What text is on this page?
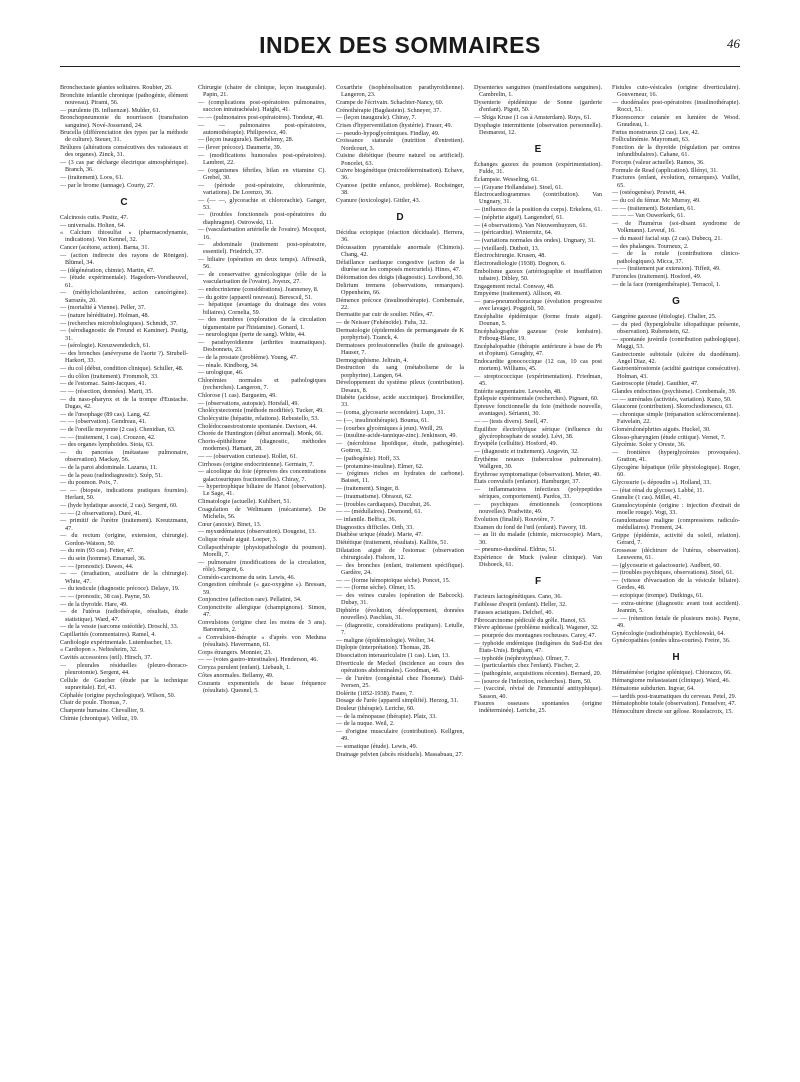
INDEX DES SOMMAIRES	46
Bronchectasie géantes solitaires. Roubier, 26.
Bronchite infantile chronique (pathogénie, élément nouveau). Pirami, 56.
— purulente (B. influenzæ). Mulder, 61.
Bronchopneumonie du nourrisson (transfusion sanguine). Nové-Josserand, 24.
Brucella (différenciation des types par la méthode de culture). Steuer, 31.
Brûlures (altérations consécutives des vaisseaux et des organes). Zinck, 31.
— (3 cas par décharge électrique atmosphérique). Branch, 36.
— (traitement). Loos, 61.
— par le brome (tannage). Courty, 27.
C
Calcinosis cutis. Pusitz, 47.
— universalis. Holten, 64.
« Calcium thiosulfat » (pharmacodynamie, indications). Von Kennel, 32.
Cancer (acétone, action). Barna, 31.
— (action indirecte des rayons de Röntgen). Blümel, 34.
— (dégénération, chimie). Martin, 47.
— (étude expérimentale). Hagedorn-Vorstheuvel, 61.
— (méthylcholanthrène, action cancérigène). Sarrazès, 20.
— (mortalité à Vienne). Peller, 37.
— (nature héréditaire). Holman, 48.
— (recherches microbiologiques). Schmidt, 37.
— (sérodiagnostic de Freund et Kaminer). Pustig, 31.
— (sérologie). Kreuzwendedich, 61.
— des bronches (anévrysme de l'aorte ?). Strubell-Harkort, 33.
— du col (début, condition clinique). Schiller, 48.
— du côlon (traitement). Frommolt, 33.
— de l'estomac. Saint-Jacques, 41.
— — (résection, données). Marti, 35.
— du naso-pharynx et de la trompe d'Eustache. Dugas, 42.
— de l'œsophage (89 cas). Lang, 42.
— — (observation). Gendreau, 41.
— de l'oreille moyenne (2 cas). Chenidian, 63.
— — (traitement, 1 cas). Crouzon, 42.
— des organes lymphoïdes. Stoia, 63.
— du pancréas (métastase pulmonaire, observation). Mackay, 56.
— de la paroi abdominale. Lazarus, 11.
— de la peau (radiodiagnostic). Szép, 51.
— du poumon. Poix, 7.
— — (biopsie, indications pratiques fournies). Herlant, 50.
— (hyde hydatique associé, 2 cas). Sergent, 60.
— — (2 observations). Duré, 41.
— primitif de l'urètre (traitement). Kreutzmann, 47.
— du rectum (origine, extension, chirurgie). Gordon-Watson, 50.
— du rein (93 cas). Fetter, 47.
— du sein (homme). Emanuel, 36.
— — (pronostic). Dawes, 44.
— — (irradiation, auxiliaire de la chirurgie). White, 47.
— du testicule (diagnostic précoce). Delaye, 19.
— — (pronostic, 38 cas). Payne, 50.
— de la thyroïde. Hare, 49.
— de l'utérus (radiothérapie, résultats, étude statistique). Ward, 47.
— de la vessie (sarcome ostéoïde). Droschl, 33.
Capillarités (commentaires). Ramel, 4.
Cardiologie expérimentale. Lutembacher, 13.
« Cardiopon ». Neltesheim, 32.
Cavités accessoires (œil). Hirsch, 37.
— pleurales résiduelles (pleuro-thoraco-pleurotomie). Sergent, 44.
Cellule de Gaucher (étude par la technique supravitale). Erf, 43.
Céphalée (origine psychologique). Wilson, 50.
Chair de poule. Thomas, 7.
Charpente humaine. Chevallier, 9.
Chimie (chronique). Velluz, 19.
Chirurgie (chaire de clinique, leçon inaugurale). Papin, 21.
— (complications post-opératoires pulmonaires, succion intratrachéale). Haight, 41.
— — (pulmonaires post-opératoires). Tondeur, 40.
— — pulmonaires post-opératoires, automothérapie). Philipowicz, 40.
— (leçon inaugurale). Barthélemy, 28.
— (lever précoce). Daumerie, 39.
— (modifications humorales post-opératoires). Lambret, 22.
— (organismes fébriles, bilan en vitamine C). Grebel, 30.
— (période post-opératoire, chlorurémie, variations). De Lorenzo, 36.
— (— —, glycorachie et chlororachie). Ganger, 53.
— (troubles fonctionnels post-opératoires du diaphragme). Ostrowski, 11.
— (vascularisation artérielle de l'ovaire). Mocquot, 16.
— abdominale (traitement post-opératoire, essentiel). Friedrich, 37.
— biliaire (opération en deux temps). Affreszik, 56.
— de conservative gynécologique (rôle de la vascularisation de l'ovaire). Joyeux, 27.
— endocrinienne (considérations). Jeanneney, 8.
— du goitre (appareil nouveau). Berescsil, 51.
— hépatique (avantage du drainage des voies biliaires). Cornelia, 59.
— des membres (exploration de la circulation tégumentaire par l'histamine). Gonard, 1.
— neurologique (perte de sang). White, 44.
— parathyroïdienne (arthrites traumatiques). Desbonnets, 23.
— de la prostate (problème). Young, 47.
— rénale. Kindborg, 34.
— urologique, 46.
Chlorémies normales et pathologiques (recherches). Langeron, 7.
Chlorose (1 cas). Bargueim, 49.
— (observations, autopsie). Horsfall, 49.
Cholécystectomie (méthode modifiée). Tucker, 49.
Cholécystite (hépatite, relations). Rebustello, 53.
Cholédocoaestrostomie spontanée. Davison, 44.
Chorée de Huntington (début anormal). Monk, 66.
Chorio-épithéliome (diagnostic, méthodes modernes). Hamant, 28.
— — (observation curieuse). Rollet, 61.
Cirrhoses (origine endocrinienne). Germain, 7.
— alcoolique du foie (épreuves des concentrations galactosuriques fractionnelles). Chiray, 7.
— hypertrophique biliaire de Hanot (observation). Le Sage, 41.
Climatologie (actuelle). Kuhlbert, 51.
Coagulation de Weltmann (mécanisme). De Michelis, 56.
Cœur (anoxie). Binet, 13.
— myxœdémateux (observation). Dougeist, 13.
Colique rénale aiguë. Loeper, 3.
Collapsothérapie (physiopathologie du poumon). Morelli, 7.
— pulmonaire (modifications de la circulation, rôle). Sergent, 6.
Comédo-carcinome du sein. Lewis, 46.
Congestion cérébrale (« gaz-oxygène »). Bressan, 59.
Conjonctive (affection rare). Pellatini, 34.
Conjonctivite allergique (champignons). Simon, 47.
Convulsions (origine chez les moins de 3 ans). Baronneix, 2.
« Convulsion-thérapie » d'après von Meduna (résultats). Havermann, 61.
Corps étrangers. Monnier, 23.
— — (voies gastro-intestinales). Henderson, 46.
Coryza purulent (enfant). Liebault, 1.
Côtes anormales. Bellamy, 49.
Courants exponentiels de basse fréquence (résultats). Quesnel, 5.
Coxarthrie (isophénolisation parathyroïdienne). Langeron, 23.
Crampe de l'écrivain. Schachter-Nancy, 60.
Crénothérapie (Bagdastein). Schneyer, 37.
— (leçon inaugurale). Chiray, 7.
Crises d'hyperventilation (hystérie). Fraser, 49.
— pseudo-hypoglycémiques. Findlay, 49.
Croissance staturale (nutrition d'entretien). Nordcourt, 3.
Cuisine diététique (beurre naturel ou artificiel). Poncelet, 63.
Cuivre biogénétique (microdétermination). Echave, 36.
Cyanose (petite enfance, problème). Rochsinger, 38.
Cyanure (toxicologie). Gittler, 43.
D
Décidua ectopique (réaction déciduale). Herrera, 36.
Décussation pyramidale anormale (Chimois). Chang, 42.
Défaillance cardiaque congestive (action de la diurèse sur les composés mercuriels). Hines, 47.
Déformation des doigts (diagnostic). Lovibond, 30.
Delirium tremens (observations, remarques). Oppenheim, 66.
Démence précoce (insulinothérapie). Combemale, 22.
Dermatite par cuir de soulier. Niles, 47.
— de Neisser (Fehénoïde). Fuhs, 32.
Dermatologie (épidermides de permanganate de K porphyrisé). Tzanck, 4.
Dermatoses professionnelles (huile de graissage). Hauser, 7.
Dermographisme. Jeltrain, 4.
Destruction du sang (métabolisme de la porphyrine). Langen, 64.
Développement du système pileux (contribution). Desaux, 8.
Diabète (acidose, acide succinique). Brockmüller, 33.
— (coma, glycosurie secondaire). Lupo, 31.
— (—, insulinothérapie). Bouma, 61.
— (courbes glycémiques à jeun). Weill, 29.
— (insuline-acide-tannique-zinc). Jenkinson, 49.
— (nécrobiose lipoïdique, étude, pathogénie). Gottron, 32.
— (pathogénie). Hoff, 33.
— (protamine-insuline). Elmer, 62.
— (régimes riches en hydrates de carbone). Baisset, 11.
— (traitement). Singer, 8.
— (traumatisme). Obraoui, 62.
— (troubles cardiaques). Ducuhut, 26.
— — (médullaires). Desmond, 61.
— infantile. Belfica, 36.
Diagnostics difficiles. Orth, 33.
Diathèse urique (étude). Marie, 47.
Diététique (traitement, résultats). Kalliös, 51.
Dilatation aiguë de l'estomac (observation chirurgicale). Fishorn, 12.
— des bronches (enfant, traitement spécifique). Gardère, 24.
— — (forme hémoptoïque sèche). Poncet, 15.
— — (forme sèche). Olmer, 15.
— des veines curales (opération de Babcock). Dubay, 31.
Diphtérie (évolution, développement, données nouvelles). Paschlau, 31.
— (diagnostic, considérations pratiques). Letulle, 7.
— maligne (épidémiologie). Wolter, 34.
Diplopie (interprétation). Thomas, 28.
Dissociation interauriculaire (1 cas). Lian, 13.
Diverticule de Meckel (incidence au cours des opérations abdominales). Goodman, 46.
— de l'urètre (congénital chez l'homme). Dahl-Iversen, 25.
Dolérite (1852-1938). Faure, 7.
Dosage de l'urée (appareil simplifié). Herzog, 31.
Douleur (thérapie). Leriche, 60.
— de la ménopause (thérapie). Platz, 33.
— de la nuque. Weil, 2.
— d'origine musculaire (contribution). Kellgren, 49.
— somatique (étude). Lewis, 49.
Drainage pelvien (abcès résiduels). Massabuau, 27.
Dysenteries sanguines (manifestations sanguines). Cambrelin, 1.
Dysenterie épidémique de Sonne (garderie d'enfant). Pigott, 50.
— Shiga Kruse (1 cas à Amsterdam). Ruys, 61.
Dysphagie intermittente (observation personnelle). Desmarest, 12.
E
Échanges gazeux du poumon (expérimentation). Fulde, 31.
Éclampsie. Wesseling, 61.
— (Guyane Hollandaise). Stoel, 61.
Électrocardiogrammes (contribution). Van Ungnary, 31.
— (influence de la position du corps). Erkelens, 61.
— (néphrite aiguë). Langendorf, 61.
— (4 observations). Van Nieuwenhuyzen, 61.
— (péricardite). Winternitz, 64.
— (variations normales des ondes). Ungnary, 31.
— (vieillard). Duthoit, 13.
Électrochirurgie. Krusen, 48.
Électroradiologie (1938). Dognon, 6.
Embolisme gazeux (artériographie et insufflation tubaire). Dibley, 50.
Engagement rectal. Conway, 48.
Empyème (traitement). Allison, 49.
— para-pneumothoracique (évolution progressive avec lavage). Poggioli, 50.
Encéphalite épidémique (forme fruste aiguë). Dounan, 5.
Encéphalographie gazeuse (voie lombaire). Friboug-Blanc, 19.
Encéphalopathie (thérapie antérieure à base de Pb et d'opium). Geraghty, 47.
Endocardite gonococcique (12 cas, 10 cas post mortem). Williams, 45.
— streptococcique (expérimentation). Friedman, 45.
Entérite segmentaire. Lewsohn, 48.
Épilepsie expérimentale (recherches). Pignant, 60.
Épreuve fonctionnelle du foie (méthode nouvelle, avantages). Sérianni, 30.
— — (tests divers). Snell, 47.
Équilibre électrolytique sérique (influence du glycérophosphate de soude). Lévi, 38.
Érysipèle (cellulite). Hosford, 49.
— (diagnostic et traitement). Angevin, 32.
Érythème noueux (tuberculose pulmonaire). Wallgren, 30.
Érythrose symptomatique (observation). Meier, 40.
États convulsifs (enfance). Hamburger, 37.
— inflammatoires infectieux (polypeptides sériques, comportement). Pardos, 33.
— psychiques émotionnels (conceptions nouvelles). Pradwitte, 49.
Évolution (finalité). Rouvière, 7.
Examen du fond de l'œil (enfant). Favory, 18.
— au lit du malade (chimie, microscopie). Marx, 30.
— pneumo-duodénal. Eldrus, 51.
Expérience de Muck (valeur clinique). Van Dishoeck, 61.
F
Facteurs lactogénétiques. Cano, 36.
Faiblesse d'esprit (enfant). Heller, 32.
Fausses aciatiques. Delchef, 40.
Fibrocarcinome pédiculé du grêle. Hanoi, 63.
Fièvre aphteuse (problème médical). Wagener, 32.
— pourprée des montagnes rocheuses. Carey, 47.
— typhoïde endémique (indigènes du Sud-Est des États-Unis). Brigham, 47.
— typhoïde (néphrotyphus). Olmer, 7.
— (particularités chez l'enfant). Fischer, 2.
— (pathogénie, acquisitions récentes). Bernard, 20.
— (source de l'infection, recherches). Burn, 50.
— (vacciné, révisé de l'immunité antityphique). Sasson, 40.
Fissures osseuses spontanées (origine indéterminée). Leriche, 25.
Fistules cuto-vésicales (origine diverticulaire). Gouverneur, 16.
— duodénales post-opératoires (insulinothérapie). Rocci, 51.
Fluorescence cutanée en lumière de Wood. Graudeau, 1.
Fœtus monstrueux (2 cas). Lee, 42.
Folliculinémie. Mayromati, 63.
Fonction de la thyroïde (régulation par centres infundibulaires). Cahane, 61.
Forceps (valeur actuelle). Ramos, 36.
Formule de Read (application). Illényi, 31.
Fractures (enfant, évolution, remarques). Vuillet, 65.
— (ostéogenèse). Pruwitt, 44.
— du col du fémur. Mc Murray, 49.
— — (traitement). Boterdam, 61.
— — — Van Ouwerkerk, 61.
— de l'humérus (soi-disant syndrome de Volkmann). Leveuf, 16.
— du massif facial sup. (2 cas). Dubecq, 21.
— des phalanges. Tourneux, 2.
— de la rotule (contributions clinico-pathologiques). Micca, 37.
— — (traitement par extension). Tiffett, 49.
Furoncles (traitement). Hosford, 49.
— de la face (rœntgenthérapie). Terracol, 1.
G
Gangrène gazeuse (étiologie). Chalier, 25.
— du pied (hyperglobulie idiopathique présente, observation). Rubenstein, 62.
— spontanée juvénile (contribution pathologique). Maggi, 53.
Gastrectomie subtotale (ulcère du duodénum). Angel Diaz, 42.
Gastroentérostomie (acidité gastrique consécutive). Holman, 43.
Gastroscopie (étude). Gauthier, 47.
Glandes endocrines (psychisme). Combemale, 39.
— — surrénales (activités, variation). Kuno, 50.
Glaucome (contribution). Skorochodionescu, 63.
— chronique simple (trépanation sclérocornéenne). Faivelain, 22.
Glomérulonéphrites aiguës. Huckel, 30.
Glosso-pharyngien (étude critique). Vernet, 7.
Glycémie. Soler y Oreste, 36.
— frontières (hyperglycémies provoquées). Gratton, 41.
Glycogène hépatique (rôle physiologique). Roger, 60.
Glycosurie (« dépoudin »). Holland, 33.
— (état rénal du glycose). Labbé, 11.
Granulie (1 cas). Millet, 41.
Granulocytopénie (origine : injection d'extrait de moelle rouge). Vogt, 33.
Granulomatose maligne (compressions radiculo-médullaires). Froment, 24.
Grippe (épidémie, activité du soleil, relation). Gérard, 7.
Grossesse (déchirure de l'utérus, observation). Leuweens, 61.
— (glycosurie et galactosurie). Audbert, 60.
— (troubles psychiques, observations). Stoel, 61.
— (vitesse d'évacuation de la vésicule biliaire). Gerdes, 48.
— ectopique (trompe). Dutkings, 61.
— extra-utérine (diagnostic avant tout accident). Jeannin, 5.
— — (rétention fœtale de plusieurs mois). Payne, 49.
Gynécologie (radiothérapie). Eychlowski, 64.
Gynécopathies (ondes ultra-courtes). Freire, 36.
H
Hématémèse (origine splénique). Chiorazzo, 66.
Hémangiome métastasiant (clinique). Ward, 46.
Hématome subdurien. Ingvar, 64.
— tardifs post-traumatiques du cerveau. Petel, 29.
Hématophobie totale (observation). Fenselver, 47.
Hémoculture directe sur gélose. Rouslacroix, 15.
